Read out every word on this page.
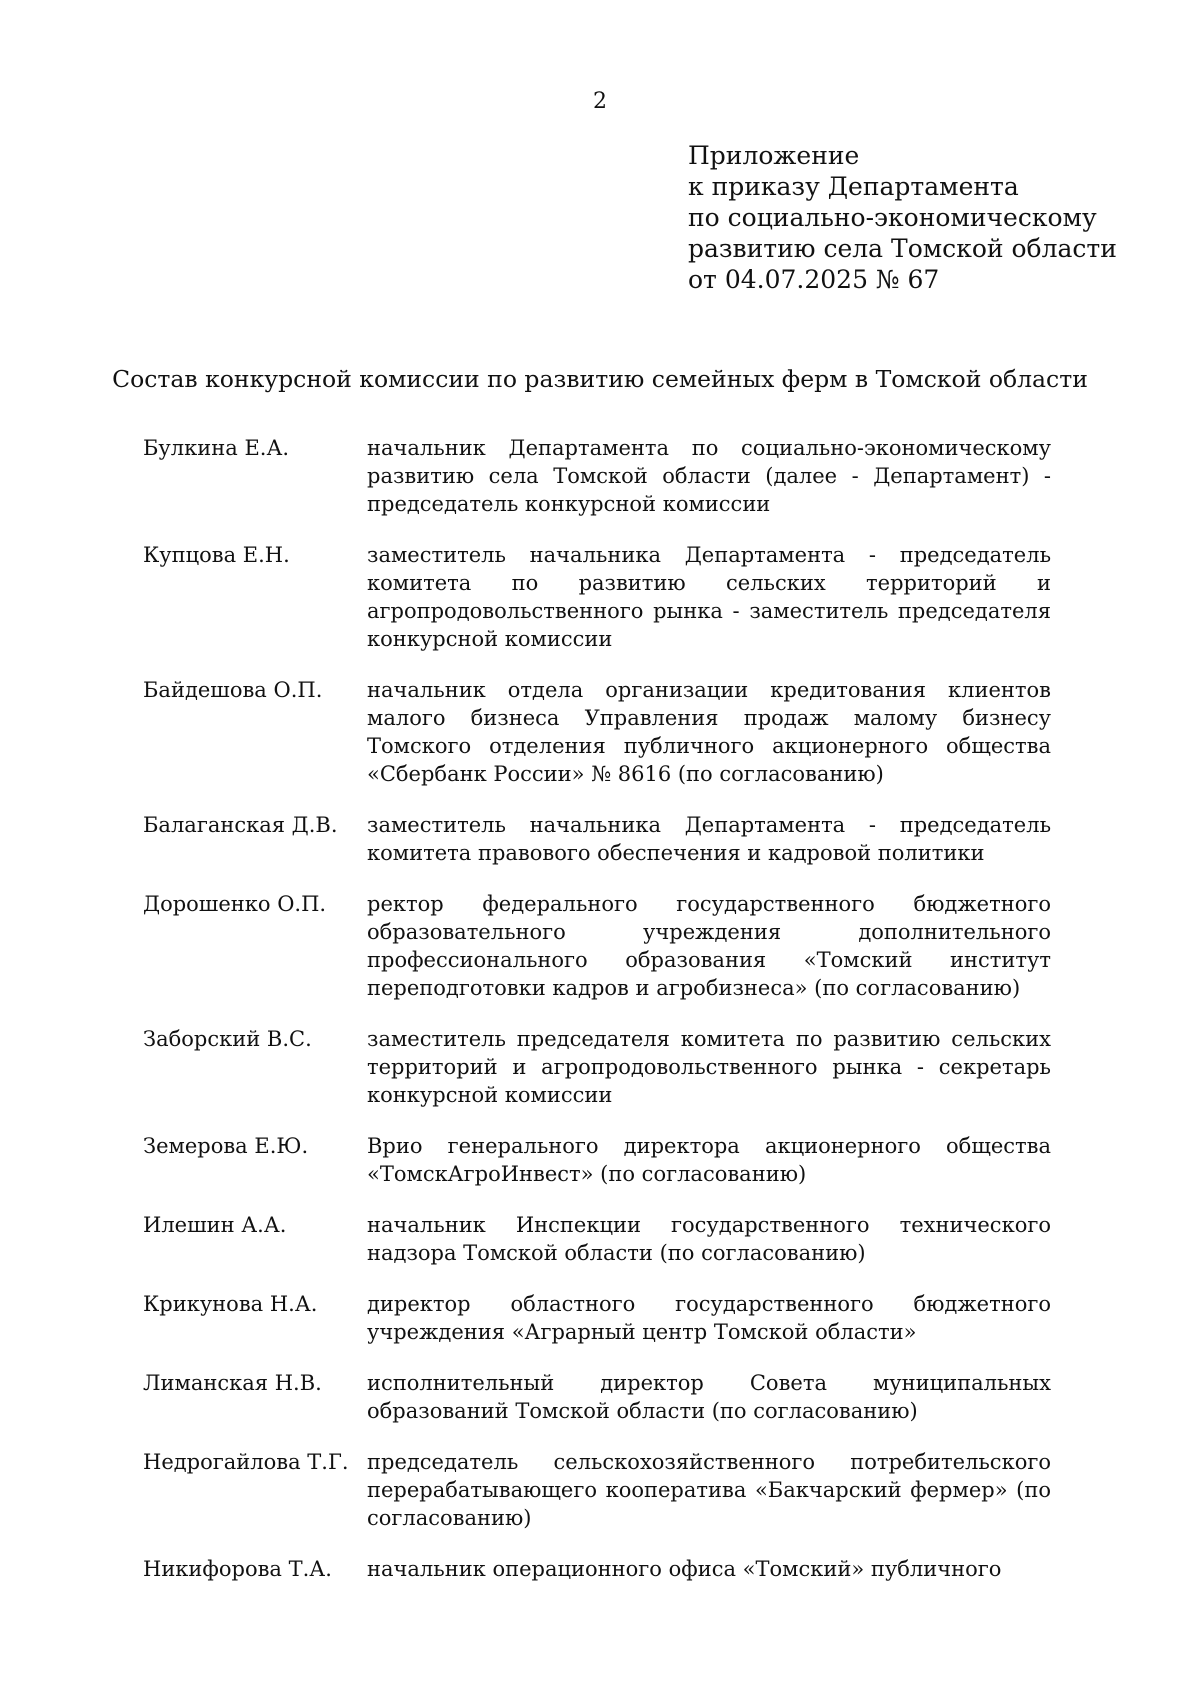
2
Приложение
к приказу Департамента
по социально-экономическому
развитию села Томской области
от 04.07.2025 № 67
Состав конкурсной комиссии по развитию семейных ферм в Томской области
Булкина Е.А.	начальник Департамента по социально-экономическому развитию села Томской области (далее - Департамент) - председатель конкурсной комиссии
Купцова Е.Н.	заместитель начальника Департамента - председатель комитета по развитию сельских территорий и агропродовольственного рынка - заместитель председателя конкурсной комиссии
Байдешова О.П.	начальник отдела организации кредитования клиентов малого бизнеса Управления продаж малому бизнесу Томского отделения публичного акционерного общества «Сбербанк России» № 8616 (по согласованию)
Балаганская Д.В.	заместитель начальника Департамента - председатель комитета правового обеспечения и кадровой политики
Дорошенко О.П.	ректор федерального государственного бюджетного образовательного учреждения дополнительного профессионального образования «Томский институт переподготовки кадров и агробизнеса» (по согласованию)
Заборский В.С.	заместитель председателя комитета по развитию сельских территорий и агропродовольственного рынка - секретарь конкурсной комиссии
Земерова Е.Ю.	Врио генерального директора акционерного общества «ТомскАгроИнвест» (по согласованию)
Илешин А.А.	начальник Инспекции государственного технического надзора Томской области (по согласованию)
Крикунова Н.А.	директор областного государственного бюджетного учреждения «Аграрный центр Томской области»
Лиманская Н.В.	исполнительный директор Совета муниципальных образований Томской области (по согласованию)
Недрогайлова Т.Г. председатель сельскохозяйственного потребительского перерабатывающего кооператива «Бакчарский фермер» (по согласованию)
Никифорова Т.А.	начальник операционного офиса «Томский» публичного
